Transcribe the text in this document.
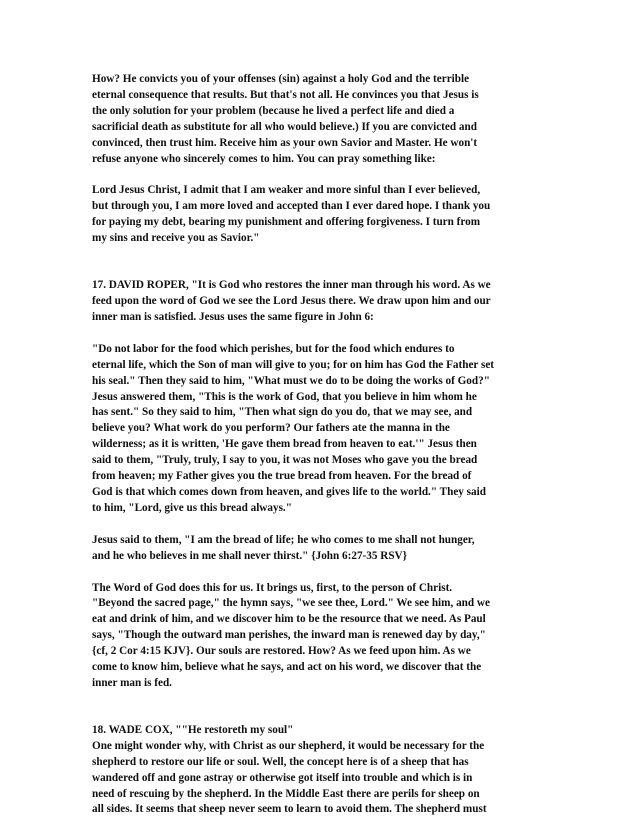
How? He convicts you of your offenses (sin) against a holy God and the terrible
eternal consequence that results. But that's not all. He convinces you that Jesus is
the only solution for your problem (because he lived a perfect life and died a
sacrificial death as substitute for all who would believe.) If you are convicted and
convinced, then trust him. Receive him as your own Savior and Master. He won't
refuse anyone who sincerely comes to him. You can pray something like:

Lord Jesus Christ, I admit that I am weaker and more sinful than I ever believed,
but through you, I am more loved and accepted than I ever dared hope. I thank you
for paying my debt, bearing my punishment and offering forgiveness. I turn from
my sins and receive you as Savior."

17. DAVID ROPER, "It is God who restores the inner man through his word. As we
feed upon the word of God we see the Lord Jesus there. We draw upon him and our
inner man is satisfied. Jesus uses the same figure in John 6:

"Do not labor for the food which perishes, but for the food which endures to
eternal life, which the Son of man will give to you; for on him has God the Father set
his seal." Then they said to him, "What must we do to be doing the works of God?"
Jesus answered them, "This is the work of God, that you believe in him whom he
has sent." So they said to him, "Then what sign do you do, that we may see, and
believe you? What work do you perform? Our fathers ate the manna in the
wilderness; as it is written, 'He gave them bread from heaven to eat.'" Jesus then
said to them, "Truly, truly, I say to you, it was not Moses who gave you the bread
from heaven; my Father gives you the true bread from heaven. For the bread of
God is that which comes down from heaven, and gives life to the world." They said
to him, "Lord, give us this bread always."

Jesus said to them, "I am the bread of life; he who comes to me shall not hunger,
and he who believes in me shall never thirst." {John 6:27-35 RSV}

The Word of God does this for us. It brings us, first, to the person of Christ.
"Beyond the sacred page," the hymn says, "we see thee, Lord." We see him, and we
eat and drink of him, and we discover him to be the resource that we need. As Paul
says, "Though the outward man perishes, the inward man is renewed day by day,"
{cf, 2 Cor 4:15 KJV}. Our souls are restored. How? As we feed upon him. As we
come to know him, believe what he says, and act on his word, we discover that the
inner man is fed.

18. WADE COX, ""He restoreth my soul"
One might wonder why, with Christ as our shepherd, it would be necessary for the
shepherd to restore our life or soul. Well, the concept here is of a sheep that has
wandered off and gone astray or otherwise got itself into trouble and which is in
need of rescuing by the shepherd. In the Middle East there are perils for sheep on
all sides. It seems that sheep never seem to learn to avoid them. The shepherd must
